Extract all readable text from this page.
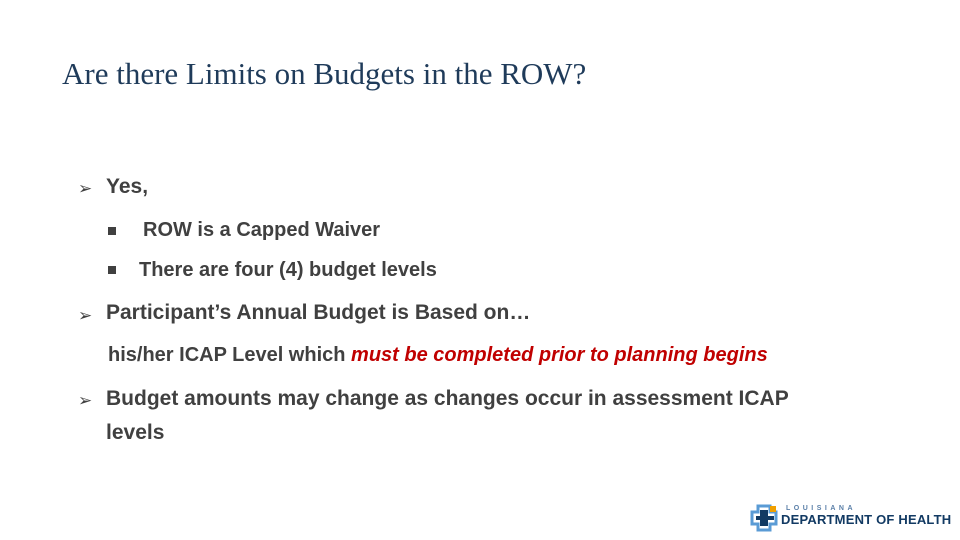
Are there Limits on Budgets in the ROW?
➢ Yes,
ROW is a Capped Waiver
There are four (4) budget levels
➢ Participant’s Annual Budget is Based on…
his/her ICAP Level which must be completed prior to planning begins
➢ Budget amounts may change as changes occur in assessment ICAP
levels
LOUISIANA
DEPARTMENT OF HEALTH
